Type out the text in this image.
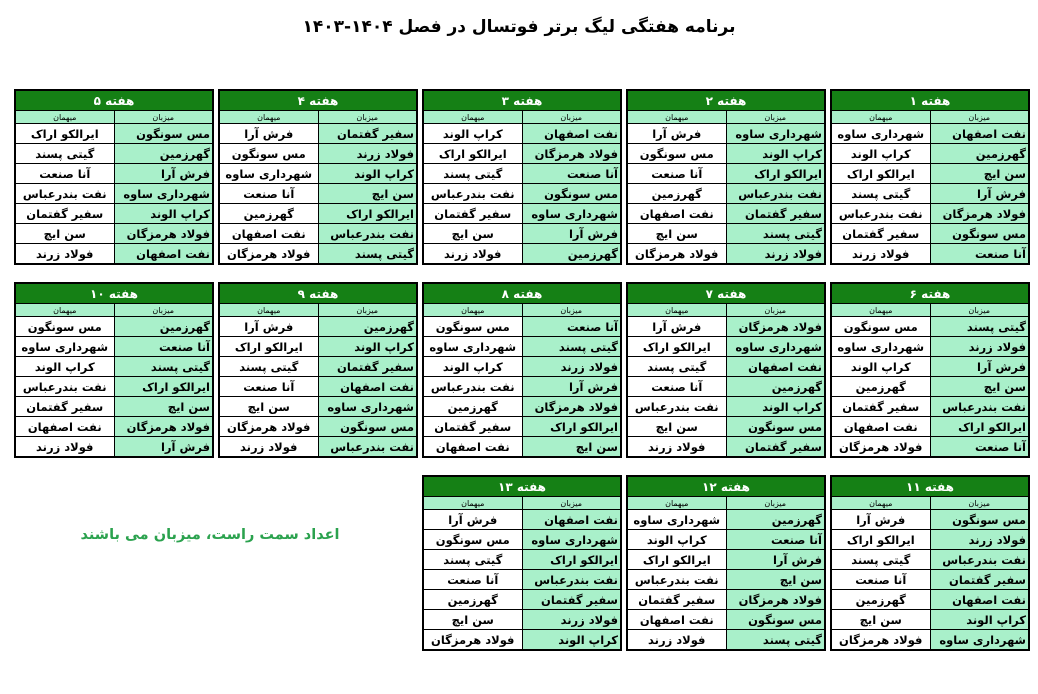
برنامه هفتگی لیگ برتر فوتسال در فصل ۱۴۰۴-۱۴۰۳
هفته ۱	
میزبان	میهمان
نفت اصفهان	شهرداری ساوه
گهرزمین	کراپ الوند
سن ایچ	ایرالکو اراک
فرش آرا	گیتی پسند
فولاد هرمزگان	نفت بندرعباس
مس سونگون	سفیر گفتمان
آنا صنعت	فولاد زرند
هفته ۲	
میزبان	میهمان
شهرداری ساوه	فرش آرا
کراپ الوند	مس سونگون
ایرالکو اراک	آنا صنعت
نفت بندرعباس	گهرزمین
سفیر گفتمان	نفت اصفهان
گیتی پسند	سن ایچ
فولاد زرند	فولاد هرمزگان
هفته ۳	
میزبان	میهمان
نفت اصفهان	کراپ الوند
فولاد هرمزگان	ایرالکو اراک
آنا صنعت	گیتی پسند
مس سونگون	نفت بندرعباس
شهرداری ساوه	سفیر گفتمان
فرش آرا	سن ایچ
گهرزمین	فولاد زرند
هفته ۴	
میزبان	میهمان
سفیر گفتمان	فرش آرا
فولاد زرند	مس سونگون
کراپ الوند	شهرداری ساوه
سن ایچ	آنا صنعت
ایرالکو اراک	گهرزمین
نفت بندرعباس	نفت اصفهان
گیتی پسند	فولاد هرمزگان
هفته ۵	
میزبان	میهمان
مس سونگون	ایرالکو اراک
گهرزمین	گیتی پسند
فرش آرا	آنا صنعت
شهرداری ساوه	نفت بندرعباس
کراپ الوند	سفیر گفتمان
فولاد هرمزگان	سن ایچ
نفت اصفهان	فولاد زرند
هفته ۶	
میزبان	میهمان
گیتی پسند	مس سونگون
فولاد زرند	شهرداری ساوه
فرش آرا	کراپ الوند
سن ایچ	گهرزمین
نفت بندرعباس	سفیر گفتمان
ایرالکو اراک	نفت اصفهان
آنا صنعت	فولاد هرمزگان
هفته ۷	
میزبان	میهمان
فولاد هرمزگان	فرش آرا
شهرداری ساوه	ایرالکو اراک
نفت اصفهان	گیتی پسند
گهرزمین	آنا صنعت
کراپ الوند	نفت بندرعباس
مس سونگون	سن ایچ
سفیر گفتمان	فولاد زرند
هفته ۸	
میزبان	میهمان
آنا صنعت	مس سونگون
گیتی پسند	شهرداری ساوه
فولاد زرند	کراپ الوند
فرش آرا	نفت بندرعباس
فولاد هرمزگان	گهرزمین
ایرالکو اراک	سفیر گفتمان
سن ایچ	نفت اصفهان
هفته ۹	
میزبان	میهمان
گهرزمین	فرش آرا
کراپ الوند	ایرالکو اراک
سفیر گفتمان	گیتی پسند
نفت اصفهان	آنا صنعت
شهرداری ساوه	سن ایچ
مس سونگون	فولاد هرمزگان
نفت بندرعباس	فولاد زرند
هفته ۱۰	
میزبان	میهمان
گهرزمین	مس سونگون
آنا صنعت	شهرداری ساوه
گیتی پسند	کراپ الوند
ایرالکو اراک	نفت بندرعباس
سن ایچ	سفیر گفتمان
فولاد هرمزگان	نفت اصفهان
فرش آرا	فولاد زرند
هفته ۱۱	
میزبان	میهمان
مس سونگون	فرش آرا
فولاد زرند	ایرالکو اراک
نفت بندرعباس	گیتی پسند
سفیر گفتمان	آنا صنعت
نفت اصفهان	گهرزمین
کراپ الوند	سن ایچ
شهرداری ساوه	فولاد هرمزگان
هفته ۱۲	
میزبان	میهمان
گهرزمین	شهرداری ساوه
آنا صنعت	کراپ الوند
فرش آرا	ایرالکو اراک
سن ایچ	نفت بندرعباس
فولاد هرمزگان	سفیر گفتمان
مس سونگون	نفت اصفهان
گیتی پسند	فولاد زرند
هفته ۱۳	
میزبان	میهمان
نفت اصفهان	فرش آرا
شهرداری ساوه	مس سونگون
ایرالکو اراک	گیتی پسند
نفت بندرعباس	آنا صنعت
سفیر گفتمان	گهرزمین
فولاد زرند	سن ایچ
کراپ الوند	فولاد هرمزگان
اعداد سمت راست، میزبان می باشند
